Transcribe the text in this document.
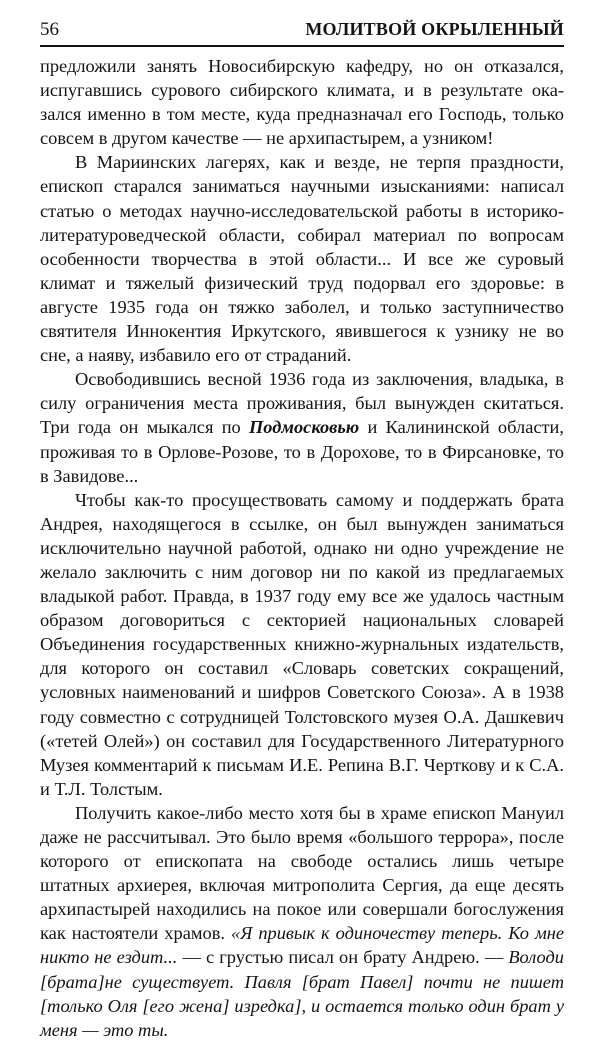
56	МОЛИТВОЙ ОКРЫЛЕННЫЙ

предложили занять Новосибирскую кафедру, но он отказался, испугавшись сурового сибирского климата, и в результате оказался именно в том месте, куда предназначал его Господь, только совсем в другом качестве — не архипастырем, а узником!

В Мариинских лагерях, как и везде, не терпя праздности, епископ старался заниматься научными изысканиями: написал статью о методах научно-исследовательской работы в историко-литературоведческой области, собирал материал по вопросам особенности творчества в этой области... И все же суровый климат и тяжелый физический труд подорвал его здоровье: в августе 1935 года он тяжко заболел, и только заступничество святителя Иннокентия Иркутского, явившегося к узнику не во сне, а наяву, избавило его от страданий.

Освободившись весной 1936 года из заключения, владыка, в силу ограничения места проживания, был вынужден скитаться. Три года он мыкался по Подмосковью и Калининской области, проживая то в Орлове-Розове, то в Дорохове, то в Фирсановке, то в Завидове...

Чтобы как-то просуществовать самому и поддержать брата Андрея, находящегося в ссылке, он был вынужден заниматься исключительно научной работой, однако ни одно учреждение не желало заключить с ним договор ни по какой из предлагаемых владыкой работ. Правда, в 1937 году ему все же удалось частным образом договориться с секторией национальных словарей Объединения государственных книжно-журнальных издательств, для которого он составил «Словарь советских сокращений, условных наименований и шифров Советского Союза». А в 1938 году совместно с сотрудницей Толстовского музея О.А. Дашкевич («тетей Олей») он составил для Государственного Литературного Музея комментарий к письмам И.Е. Репина В.Г. Черткову и к С.А. и Т.Л. Толстым.

Получить какое-либо место хотя бы в храме епископ Мануил даже не рассчитывал. Это было время «большого террора», после которого от епископата на свободе остались лишь четыре штатных архиерея, включая митрополита Сергия, да еще десять архипастырей находились на покое или совершали богослужения как настоятели храмов. «Я привык к одиночеству теперь. Ко мне никто не ездит... — с грустью писал он брату Андрею. — Володи [брата]не существует. Павля [брат Павел] почти не пишет [только Оля [его жена] изредка], и остается только один брат у меня — это ты.
